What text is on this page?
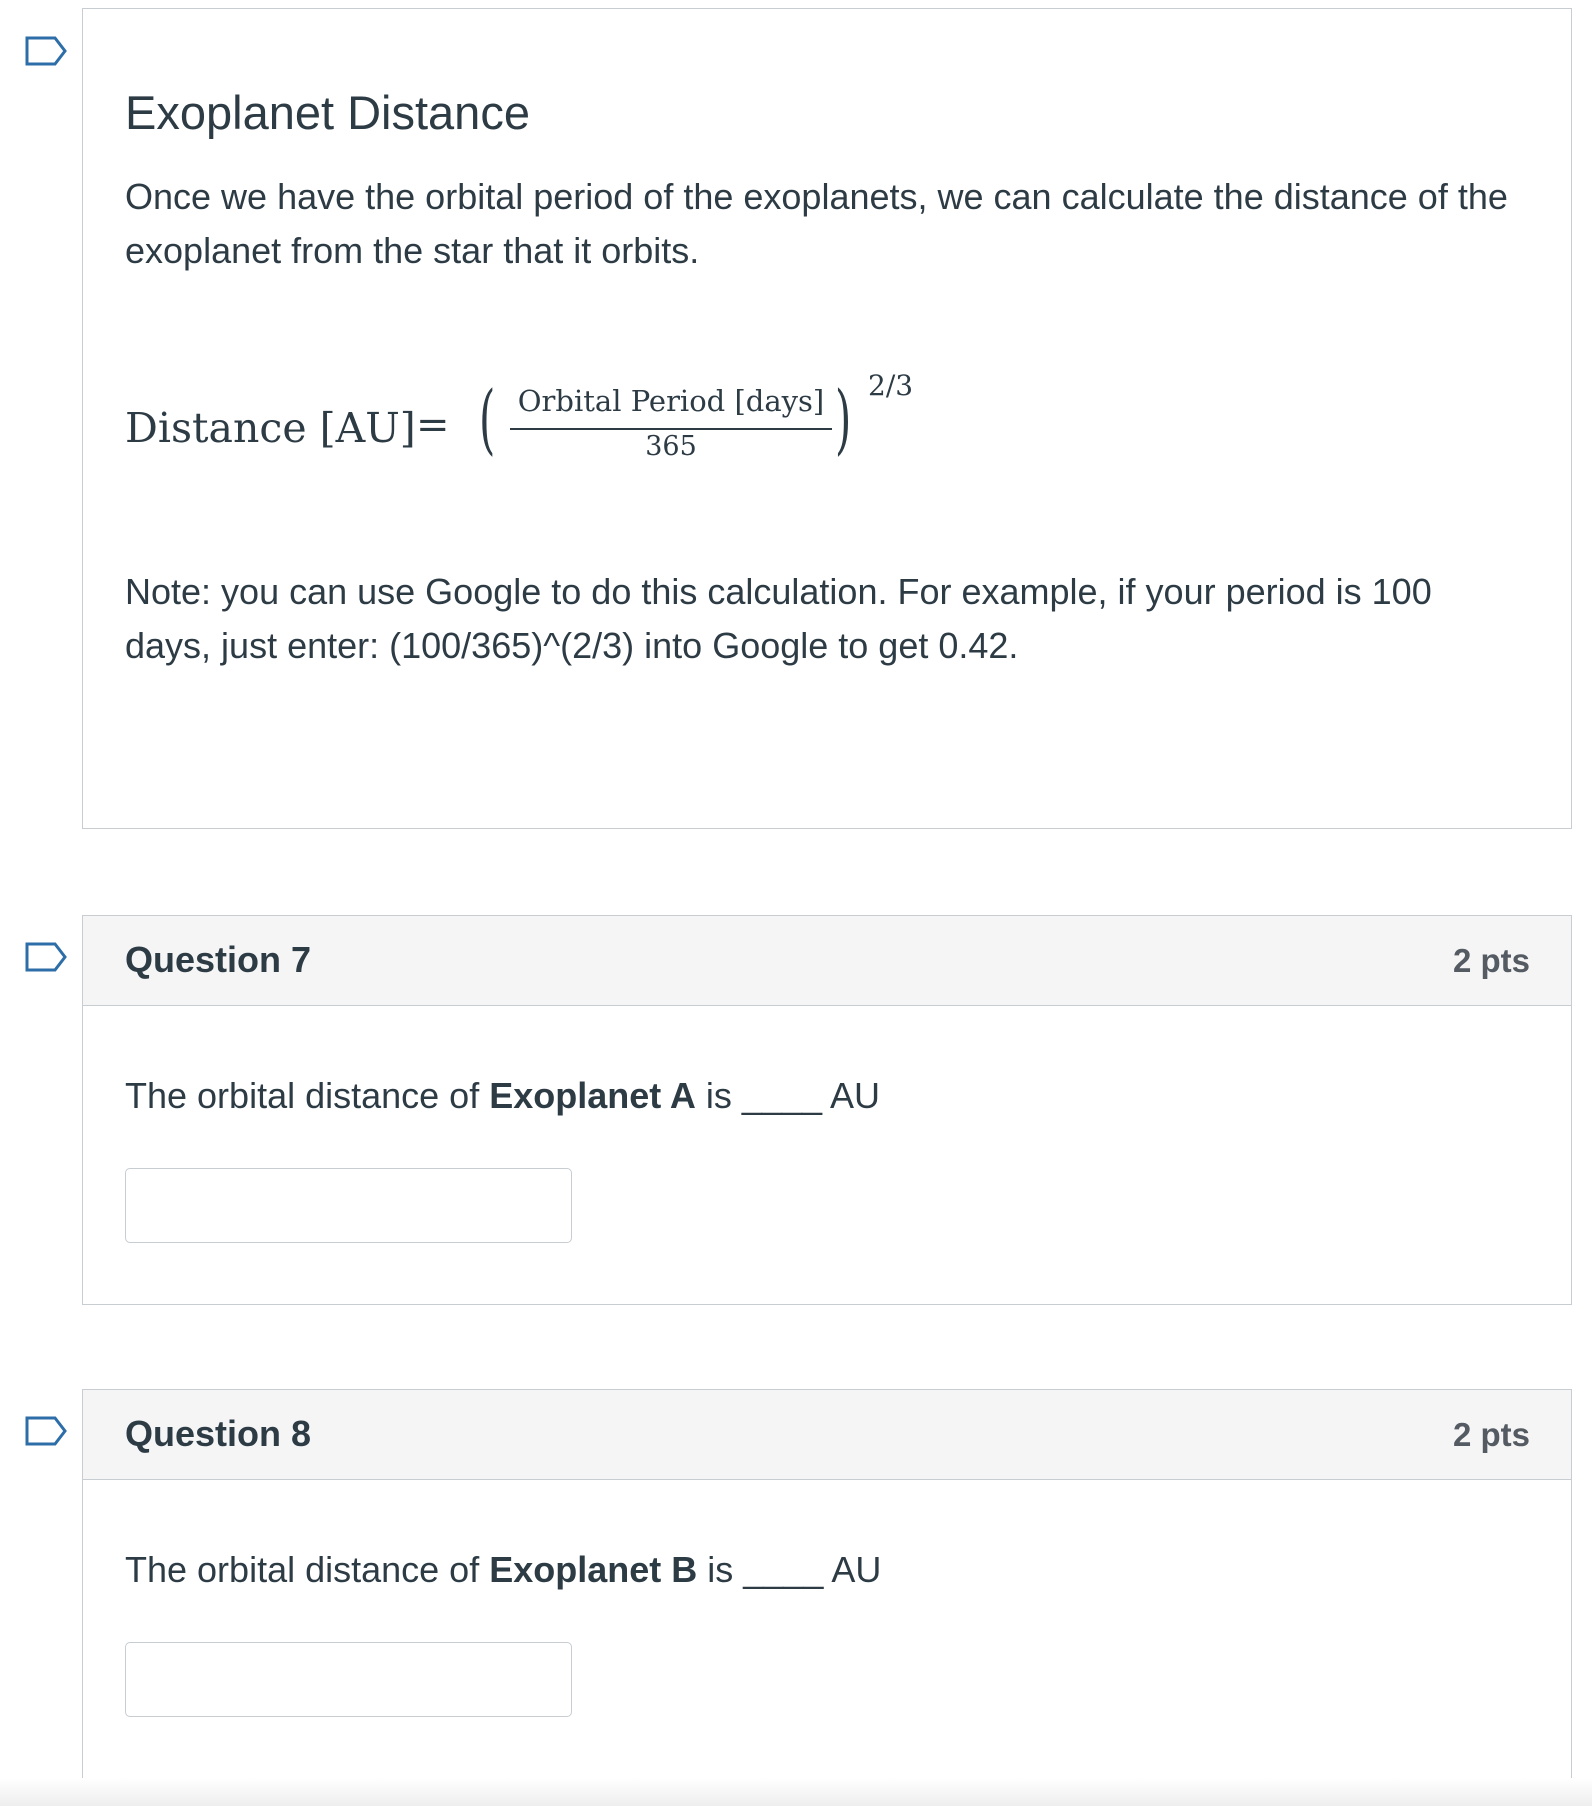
Exoplanet Distance

Once we have the orbital period of the exoplanets, we can calculate the distance of the exoplanet from the star that it orbits.

Distance [AU] = ( Orbital Period [days]
365	) 2/3

Note: you can use Google to do this calculation. For example, if your period is 100 days, just enter: (100/365)^(2/3) into Google to get 0.42.

Question 7	2 pts
The orbital distance of Exoplanet A is ____ AU
Question 8	2 pts
The orbital distance of Exoplanet B is ____ AU
